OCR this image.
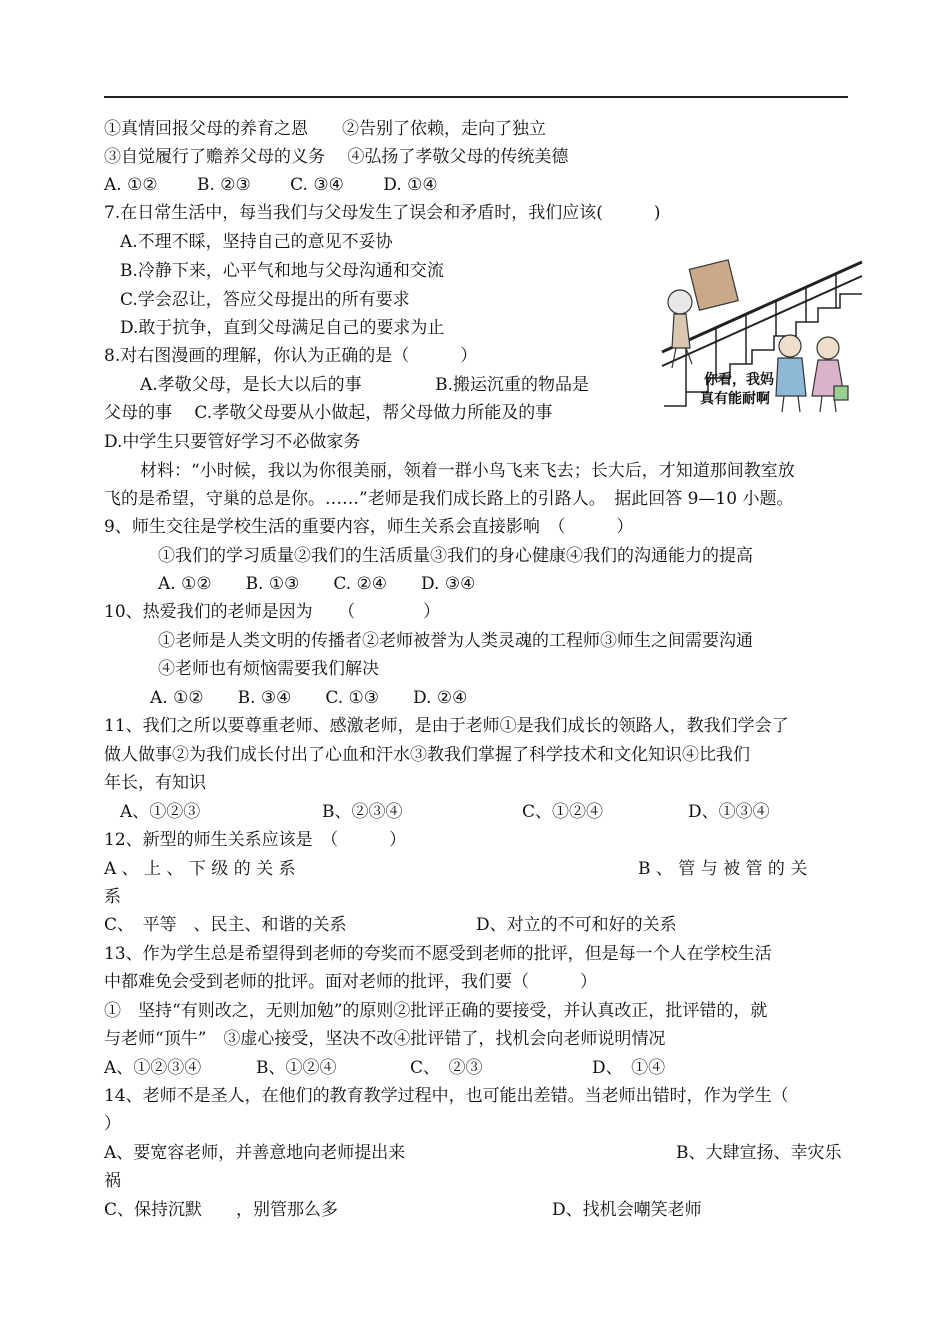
①真情回报父母的养育之恩　　②告别了依赖，走向了独立
③自觉履行了赡养父母的义务　 ④弘扬了孝敬父母的传统美德
A. ①②　　 B. ②③　　 C. ③④　　 D. ①④
7.在日常生活中，每当我们与父母发生了误会和矛盾时，我们应该(　　　)
A.不理不睬，坚持自己的意见不妥协
B.冷静下来，心平气和地与父母沟通和交流
C.学会忍让，答应父母提出的所有要求
D.敢于抗争，直到父母满足自己的要求为止
8.对右图漫画的理解，你认为正确的是（　　　）
A.孝敬父母，是长大以后的事　　　　 B.搬运沉重的物品是
父母的事　 C.孝敬父母要从小做起，帮父母做力所能及的事
D.中学生只要管好学习不必做家务
材料：“小时候，我以为你很美丽，领着一群小鸟飞来飞去；长大后，才知道那间教室放
飞的是希望，守巢的总是你。……”老师是我们成长路上的引路人。　据此回答 9—10 小题。
9、师生交往是学校生活的重要内容，师生关系会直接影响　（　　　）
①我们的学习质量②我们的生活质量③我们的身心健康④我们的沟通能力的提高
A. ①②　　B. ①③　　C. ②④　　D. ③④
10、热爱我们的老师是因为　　（　　　　）
①老师是人类文明的传播者②老师被誉为人类灵魂的工程师③师生之间需要沟通
④老师也有烦恼需要我们解决
A. ①②　　B. ③④　　C. ①③　　D. ②④
11、我们之所以要尊重老师、感激老师，是由于老师①是我们成长的领路人，教我们学会了
做人做事②为我们成长付出了心血和汗水③教我们掌握了科学技术和文化知识④比我们
年长，有知识
A、①②③	B、②③④	C、①②④	D、①③④
12、新型的师生关系应该是　（　　　）
A 、 上 、 下 级 的 关 系	B 、 管 与 被 管 的 关
系
C、　平等　、民主、和谐的关系	D、对立的不可和好的关系
13、作为学生总是希望得到老师的夸奖而不愿受到老师的批评，但是每一个人在学校生活
中都难免会受到老师的批评。面对老师的批评，我们要（　　　）
①　坚持“有则改之，无则加勉”的原则②批评正确的要接受，并认真改正，批评错的，就
与老师“顶牛”　③虚心接受，坚决不改④批评错了，找机会向老师说明情况
A、①②③④	B、①②④	C、　②③	D、　①④
14、老师不是圣人，在他们的教育教学过程中，也可能出差错。当老师出错时，作为学生（
）
A、要宽容老师，并善意地向老师提出来	B、大肆宣扬、幸灾乐
祸
C、保持沉默　　，别管那么多	D、找机会嘲笑老师
你看，我妈
真有能耐啊
